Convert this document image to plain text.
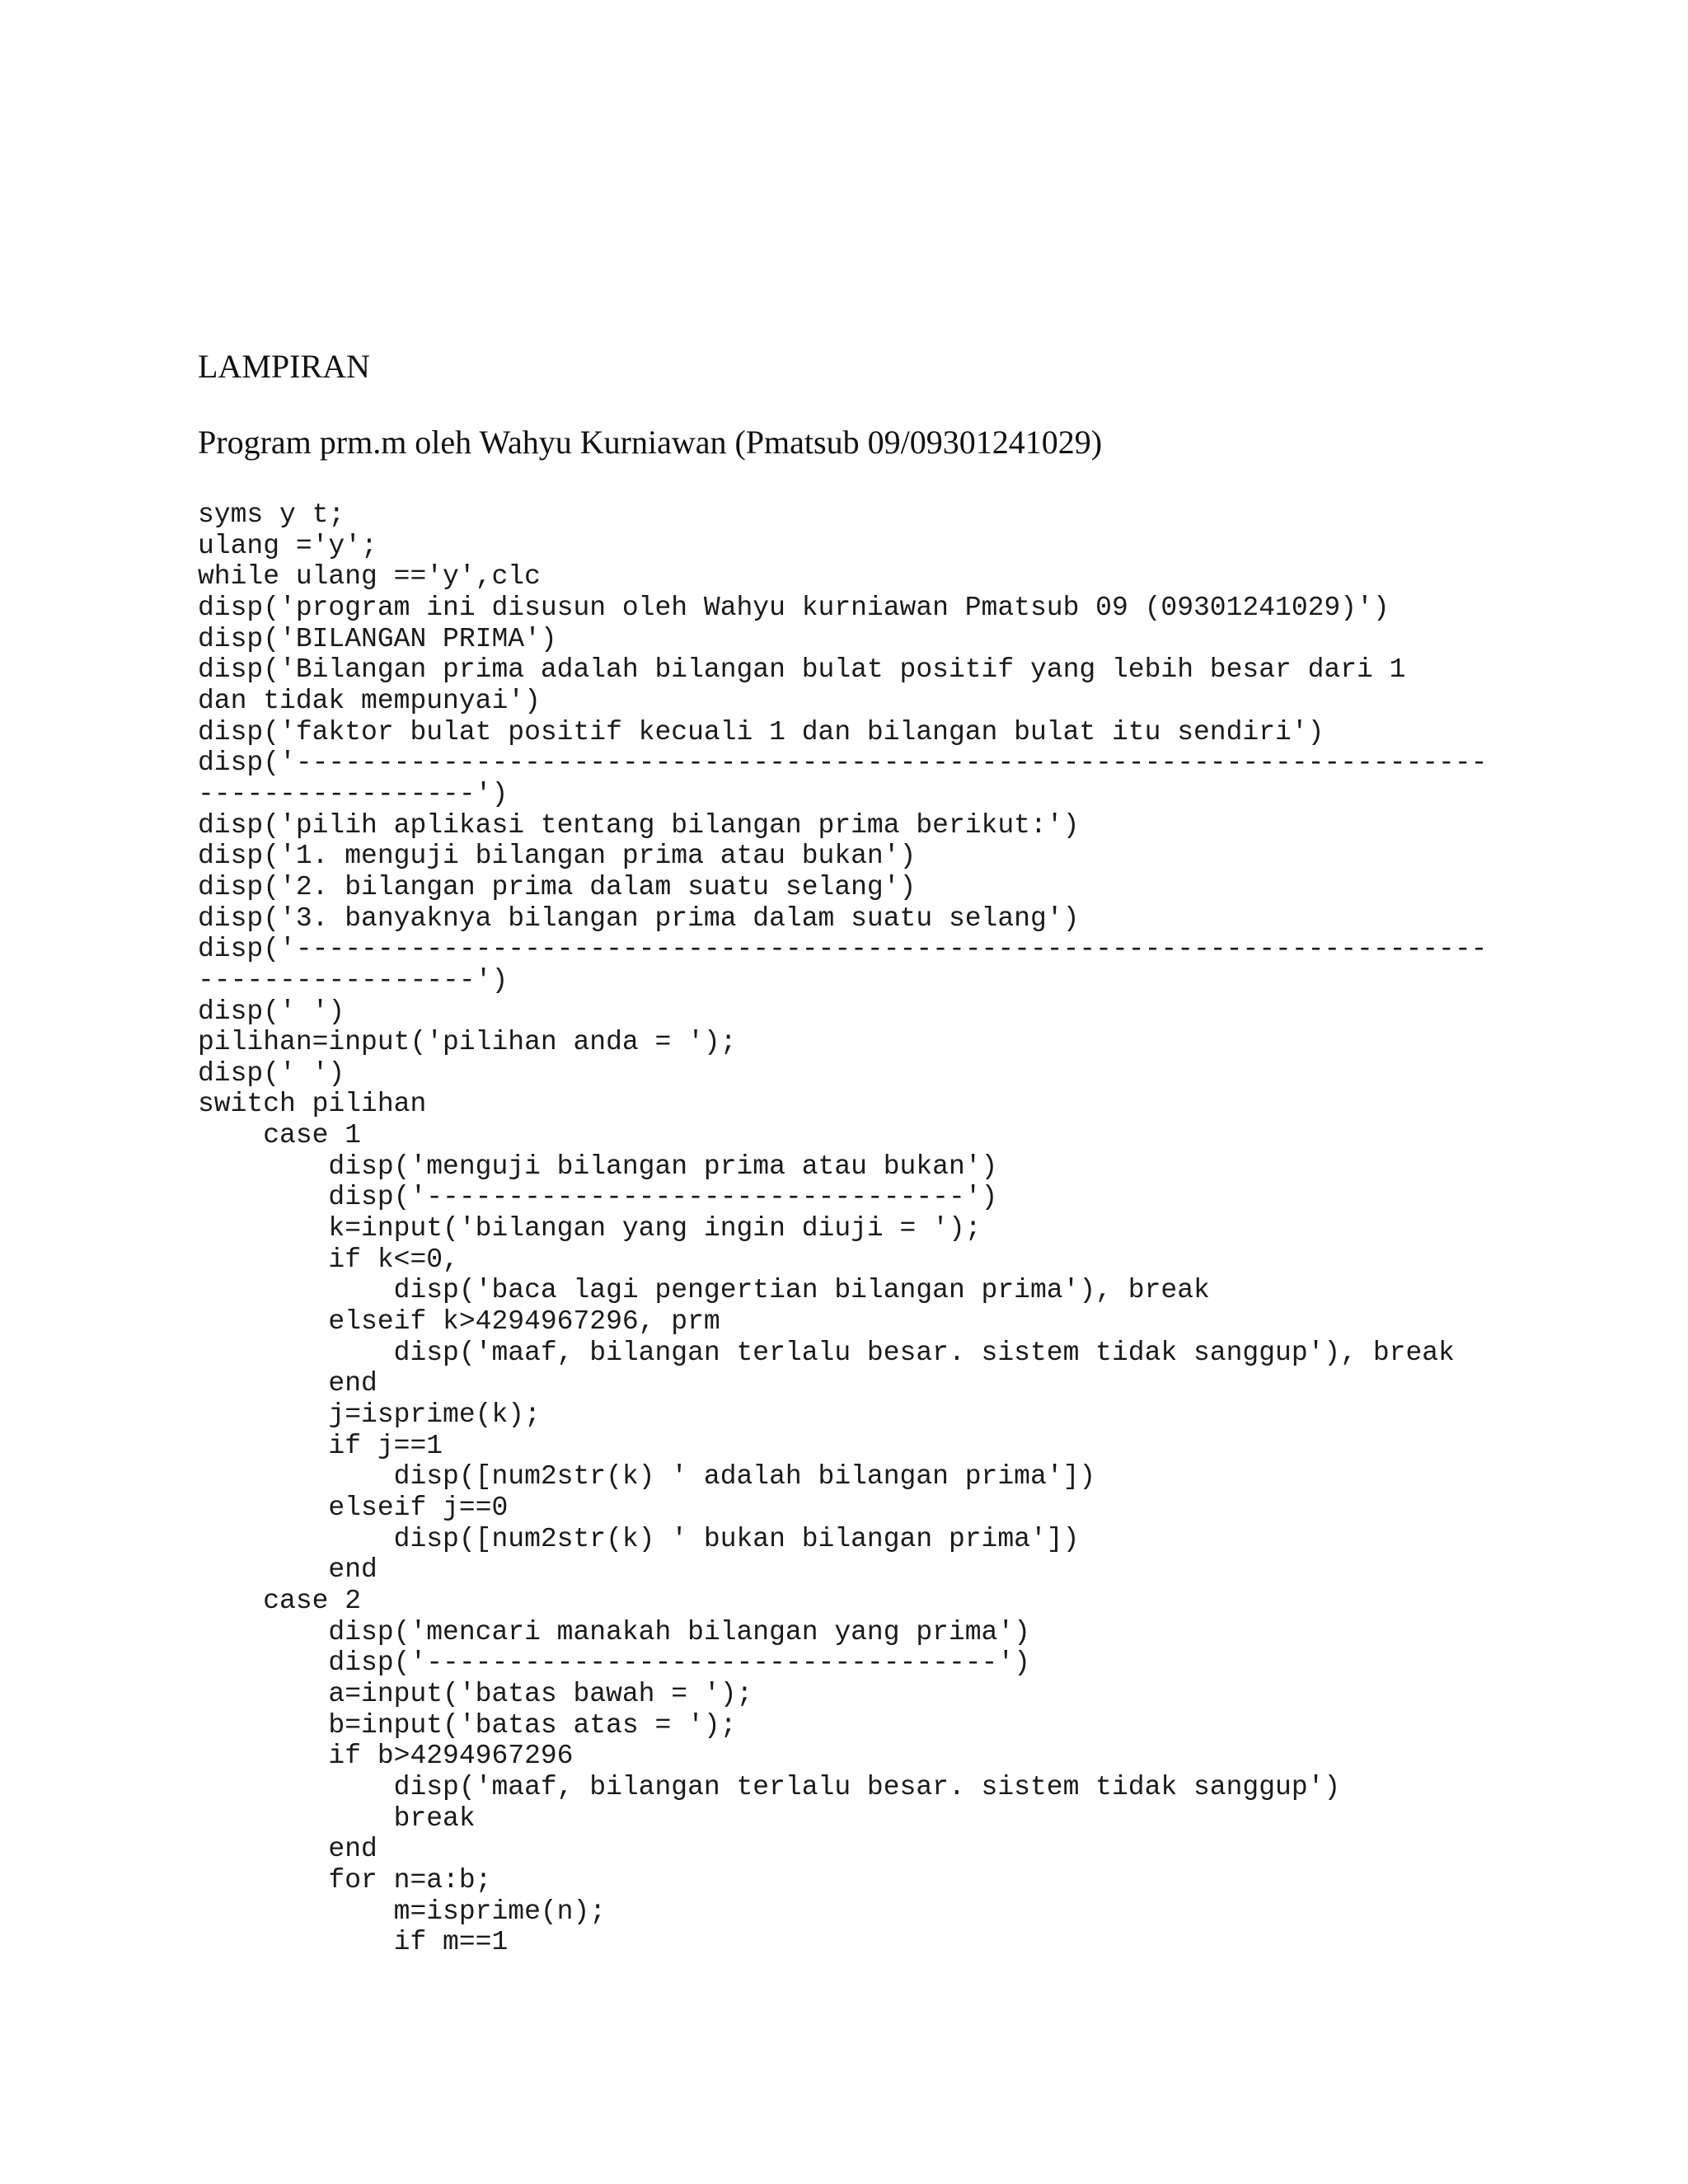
LAMPIRAN
Program prm.m oleh Wahyu Kurniawan (Pmatsub 09/09301241029)
syms y t;
ulang ='y';
while ulang =='y',clc
disp('program ini disusun oleh Wahyu kurniawan Pmatsub 09 (09301241029)')
disp('BILANGAN PRIMA')
disp('Bilangan prima adalah bilangan bulat positif yang lebih besar dari 1
dan tidak mempunyai')
disp('faktor bulat positif kecuali 1 dan bilangan bulat itu sendiri')
disp('-------------------------------------------------------------------------
-----------------')
disp('pilih aplikasi tentang bilangan prima berikut:')
disp('1. menguji bilangan prima atau bukan')
disp('2. bilangan prima dalam suatu selang')
disp('3. banyaknya bilangan prima dalam suatu selang')
disp('-------------------------------------------------------------------------
-----------------')
disp(' ')
pilihan=input('pilihan anda = ');
disp(' ')
switch pilihan
case 1
disp('menguji bilangan prima atau bukan')
disp('---------------------------------')
k=input('bilangan yang ingin diuji = ');
if k<=0,
disp('baca lagi pengertian bilangan prima'), break
elseif k>4294967296, prm
disp('maaf, bilangan terlalu besar. sistem tidak sanggup'), break
end
j=isprime(k);
if j==1
disp([num2str(k) ' adalah bilangan prima'])
elseif j==0
disp([num2str(k) ' bukan bilangan prima'])
end
case 2
disp('mencari manakah bilangan yang prima')
disp('-----------------------------------')
a=input('batas bawah = ');
b=input('batas atas = ');
if b>4294967296
disp('maaf, bilangan terlalu besar. sistem tidak sanggup')
break
end
for n=a:b;
m=isprime(n);
if m==1
